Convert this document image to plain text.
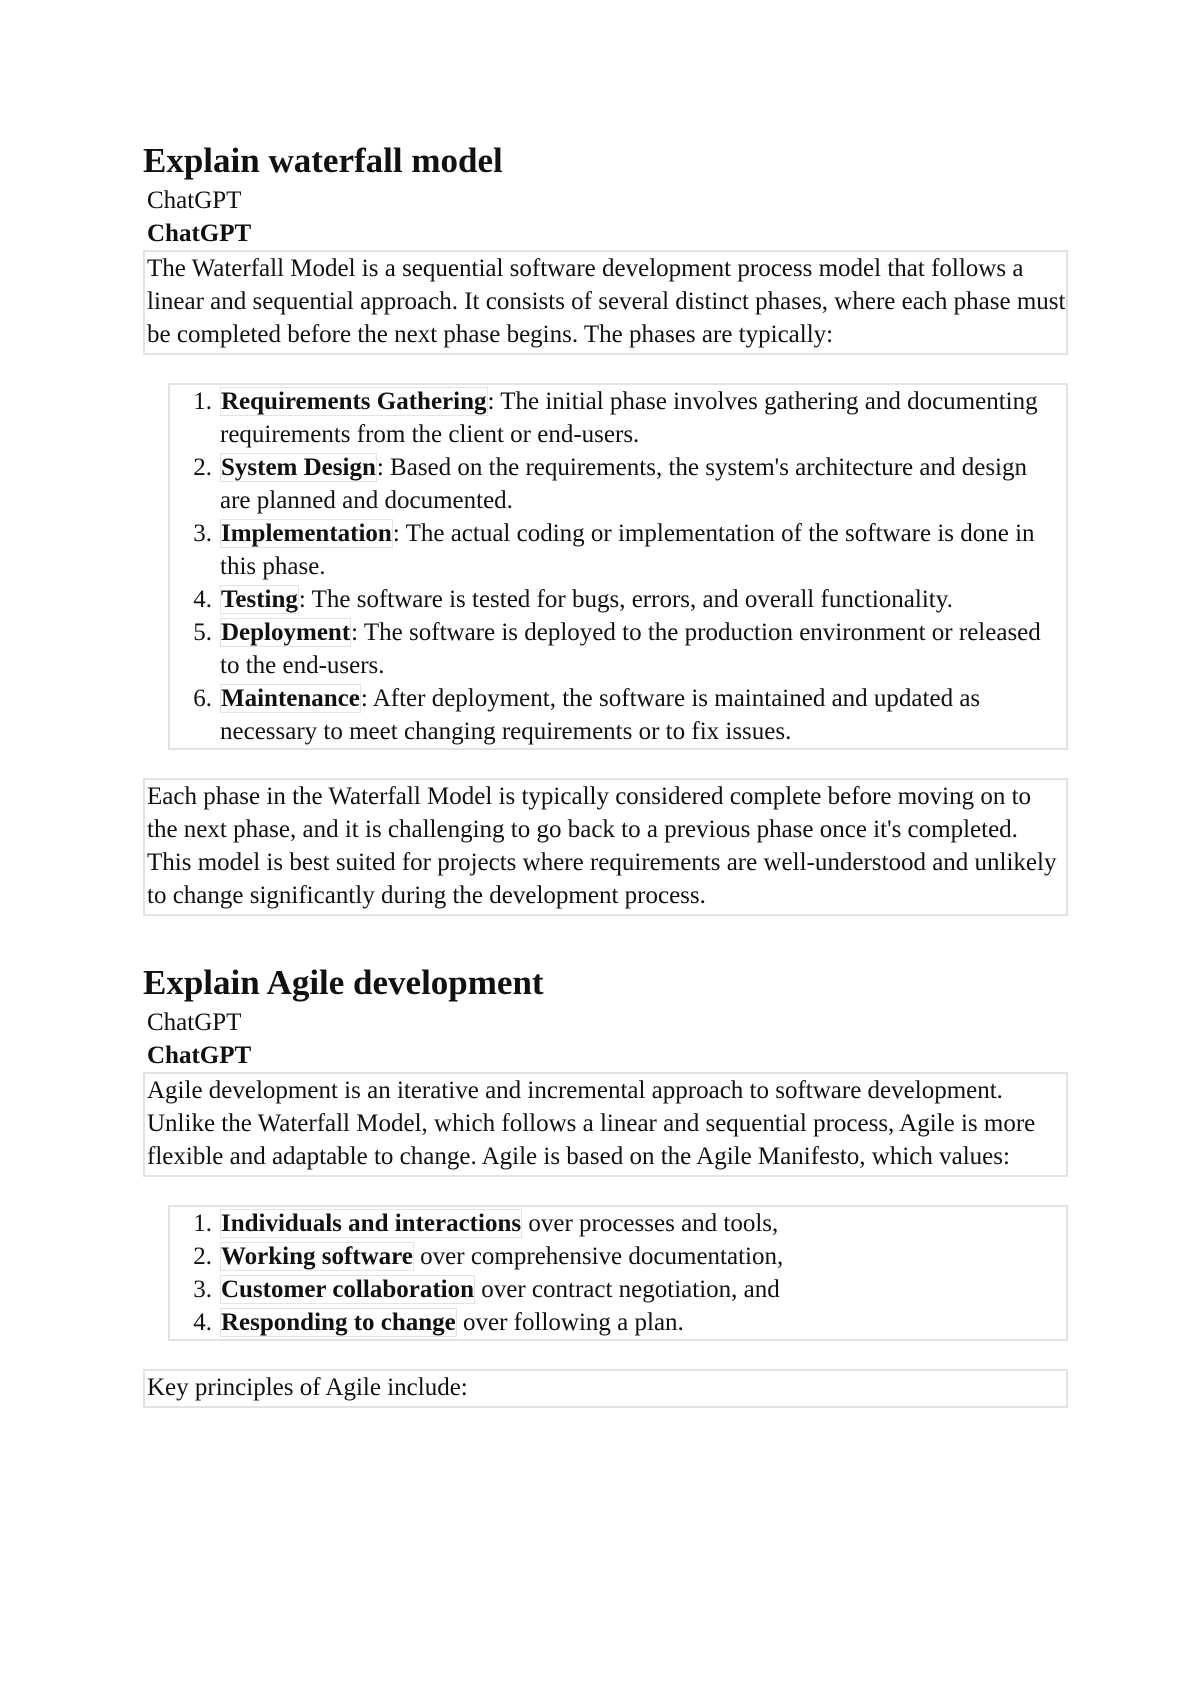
Explain waterfall model
ChatGPT
ChatGPT
The Waterfall Model is a sequential software development process model that follows a linear and sequential approach. It consists of several distinct phases, where each phase must be completed before the next phase begins. The phases are typically:
Requirements Gathering: The initial phase involves gathering and documenting requirements from the client or end-users.
System Design: Based on the requirements, the system's architecture and design are planned and documented.
Implementation: The actual coding or implementation of the software is done in this phase.
Testing: The software is tested for bugs, errors, and overall functionality.
Deployment: The software is deployed to the production environment or released to the end-users.
Maintenance: After deployment, the software is maintained and updated as necessary to meet changing requirements or to fix issues.
Each phase in the Waterfall Model is typically considered complete before moving on to the next phase, and it is challenging to go back to a previous phase once it's completed. This model is best suited for projects where requirements are well-understood and unlikely to change significantly during the development process.
Explain Agile development
ChatGPT
ChatGPT
Agile development is an iterative and incremental approach to software development. Unlike the Waterfall Model, which follows a linear and sequential process, Agile is more flexible and adaptable to change. Agile is based on the Agile Manifesto, which values:
Individuals and interactions over processes and tools,
Working software over comprehensive documentation,
Customer collaboration over contract negotiation, and
Responding to change over following a plan.
Key principles of Agile include:
